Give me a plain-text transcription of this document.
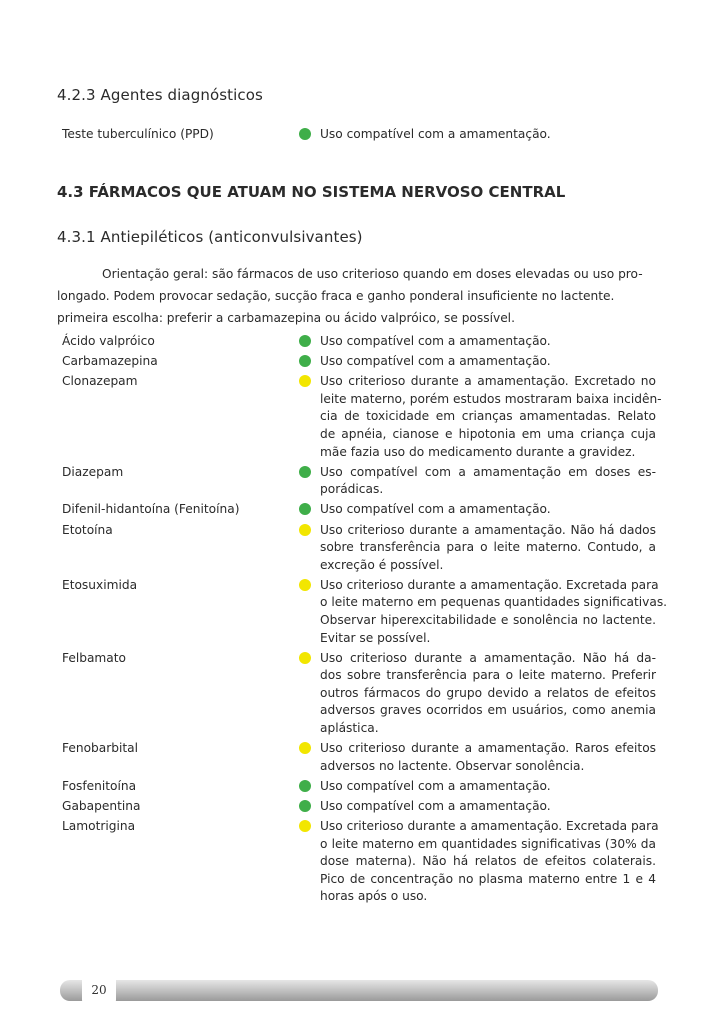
4.2.3 Agentes diagnósticos
Teste tuberculínico (PPD)	Uso compatível com a amamentação.
4.3 FÁRMACOS QUE ATUAM NO SISTEMA NERVOSO CENTRAL
4.3.1 Antiepiléticos (anticonvulsivantes)
Orientação geral: são fármacos de uso criterioso quando em doses elevadas ou uso pro-
longado. Podem provocar sedação, sucção fraca e ganho ponderal insuficiente no lactente.
primeira escolha: preferir a carbamazepina ou ácido valpróico, se possível.
Ácido valpróico	Uso compatível com a amamentação.
Carbamazepina	Uso compatível com a amamentação.
Clonazepam	Uso criterioso durante a amamentação. Excretado no
leite materno, porém estudos mostraram baixa incidên-
cia de toxicidade em crianças amamentadas. Relato
de apnéia, cianose e hipotonia em uma criança cuja
mãe fazia uso do medicamento durante a gravidez.
Diazepam	Uso compatível com a amamentação em doses es-
porádicas.
Difenil-hidantoína (Fenitoína)	Uso compatível com a amamentação.
Etotoína	Uso criterioso durante a amamentação. Não há dados
sobre transferência para o leite materno. Contudo, a
excreção é possível.
Etosuximida	Uso criterioso durante a amamentação. Excretada para
o leite materno em pequenas quantidades significativas.
Observar hiperexcitabilidade e sonolência no lactente.
Evitar se possível.
Felbamato	Uso criterioso durante a amamentação. Não há da-
dos sobre transferência para o leite materno. Preferir
outros fármacos do grupo devido a relatos de efeitos
adversos graves ocorridos em usuários, como anemia
aplástica.
Fenobarbital	Uso criterioso durante a amamentação. Raros efeitos
adversos no lactente. Observar sonolência.
Fosfenitoína	Uso compatível com a amamentação.
Gabapentina	Uso compatível com a amamentação.
Lamotrigina	Uso criterioso durante a amamentação. Excretada para
o leite materno em quantidades significativas (30% da
dose materna). Não há relatos de efeitos colaterais.
Pico de concentração no plasma materno entre 1 e 4
horas após o uso.
20
